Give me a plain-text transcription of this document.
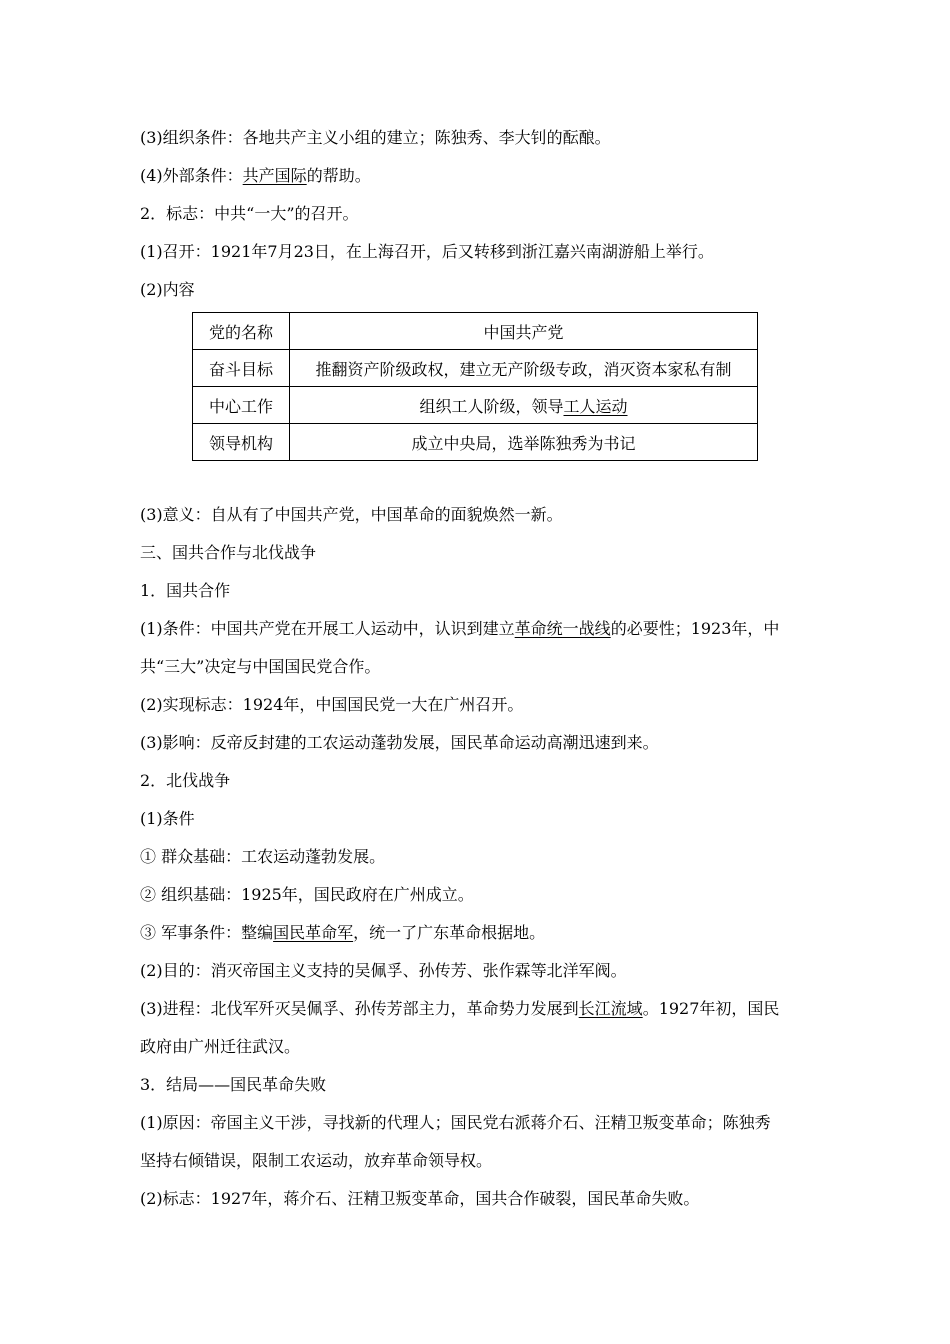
(3)组织条件：各地共产主义小组的建立；陈独秀、李大钊的酝酿。
(4)外部条件：共产国际的帮助。
2．标志：中共“一大”的召开。
(1)召开：1921年7月23日，在上海召开，后又转移到浙江嘉兴南湖游船上举行。
(2)内容
党的名称	中国共产党
奋斗目标	推翻资产阶级政权，建立无产阶级专政，消灭资本家私有制
中心工作	组织工人阶级，领导工人运动
领导机构	成立中央局，选举陈独秀为书记
(3)意义：自从有了中国共产党，中国革命的面貌焕然一新。
三、国共合作与北伐战争
1．国共合作
(1)条件：中国共产党在开展工人运动中，认识到建立革命统一战线的必要性；1923年，中
共“三大”决定与中国国民党合作。
(2)实现标志：1924年，中国国民党一大在广州召开。
(3)影响：反帝反封建的工农运动蓬勃发展，国民革命运动高潮迅速到来。
2．北伐战争
(1)条件
① 群众基础：工农运动蓬勃发展。
② 组织基础：1925年，国民政府在广州成立。
③ 军事条件：整编国民革命军，统一了广东革命根据地。
(2)目的：消灭帝国主义支持的吴佩孚、孙传芳、张作霖等北洋军阀。
(3)进程：北伐军歼灭吴佩孚、孙传芳部主力，革命势力发展到长江流域。1927年初，国民
政府由广州迁往武汉。
3．结局——国民革命失败
(1)原因：帝国主义干涉，寻找新的代理人；国民党右派蒋介石、汪精卫叛变革命；陈独秀
坚持右倾错误，限制工农运动，放弃革命领导权。
(2)标志：1927年，蒋介石、汪精卫叛变革命，国共合作破裂，国民革命失败。
